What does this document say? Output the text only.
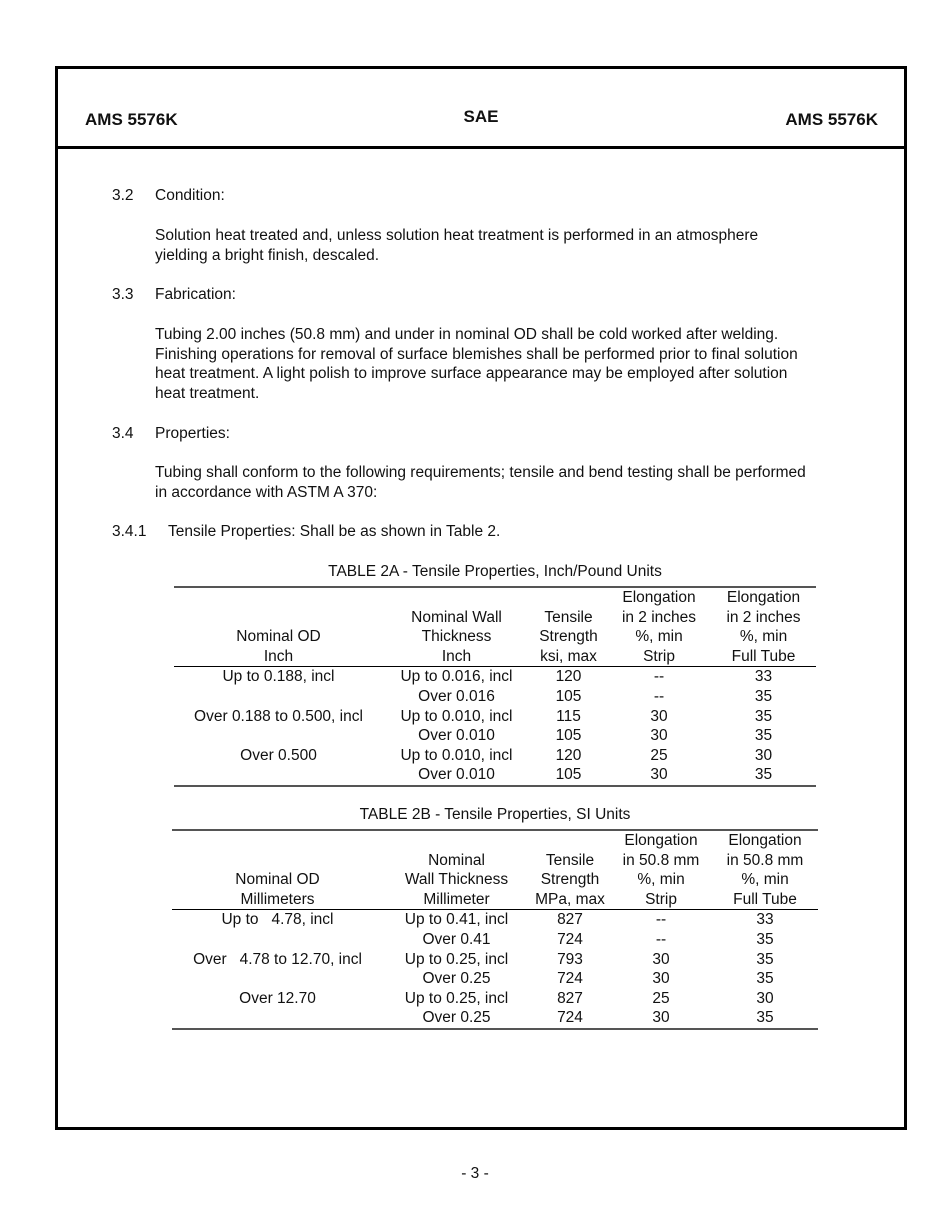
AMS 5576K	SAE	AMS 5576K
3.2 Condition:
Solution heat treated and, unless solution heat treatment is performed in an atmosphere
yielding a bright finish, descaled.
3.3 Fabrication:
Tubing 2.00 inches (50.8 mm) and under in nominal OD shall be cold worked after welding.
Finishing operations for removal of surface blemishes shall be performed prior to final solution
heat treatment. A light polish to improve surface appearance may be employed after solution
heat treatment.
3.4 Properties:
Tubing shall conform to the following requirements; tensile and bend testing shall be performed
in accordance with ASTM A 370:
3.4.1 Tensile Properties: Shall be as shown in Table 2.
TABLE 2A - Tensile Properties, Inch/Pound Units
			Elongation	Elongation
	Nominal Wall	Tensile	in 2 inches	in 2 inches
Nominal OD	Thickness	Strength	%, min	%, min
Inch	Inch	ksi, max	Strip	Full Tube
Up to 0.188, incl	Up to 0.016, incl	120	--	33
	Over 0.016	105	--	35
Over 0.188 to 0.500, incl	Up to 0.010, incl	115	30	35
	Over 0.010	105	30	35
Over 0.500	Up to 0.010, incl	120	25	30
	Over 0.010	105	30	35
TABLE 2B - Tensile Properties, SI Units
			Elongation	Elongation
	Nominal	Tensile	in 50.8 mm	in 50.8 mm
Nominal OD	Wall Thickness	Strength	%, min	%, min
Millimeters	Millimeter	MPa, max	Strip	Full Tube
Up to   4.78, incl	Up to 0.41, incl	827	--	33
	Over 0.41	724	--	35
Over   4.78 to 12.70, incl	Up to 0.25, incl	793	30	35
	Over 0.25	724	30	35
Over 12.70	Up to 0.25, incl	827	25	30
	Over 0.25	724	30	35
- 3 -
